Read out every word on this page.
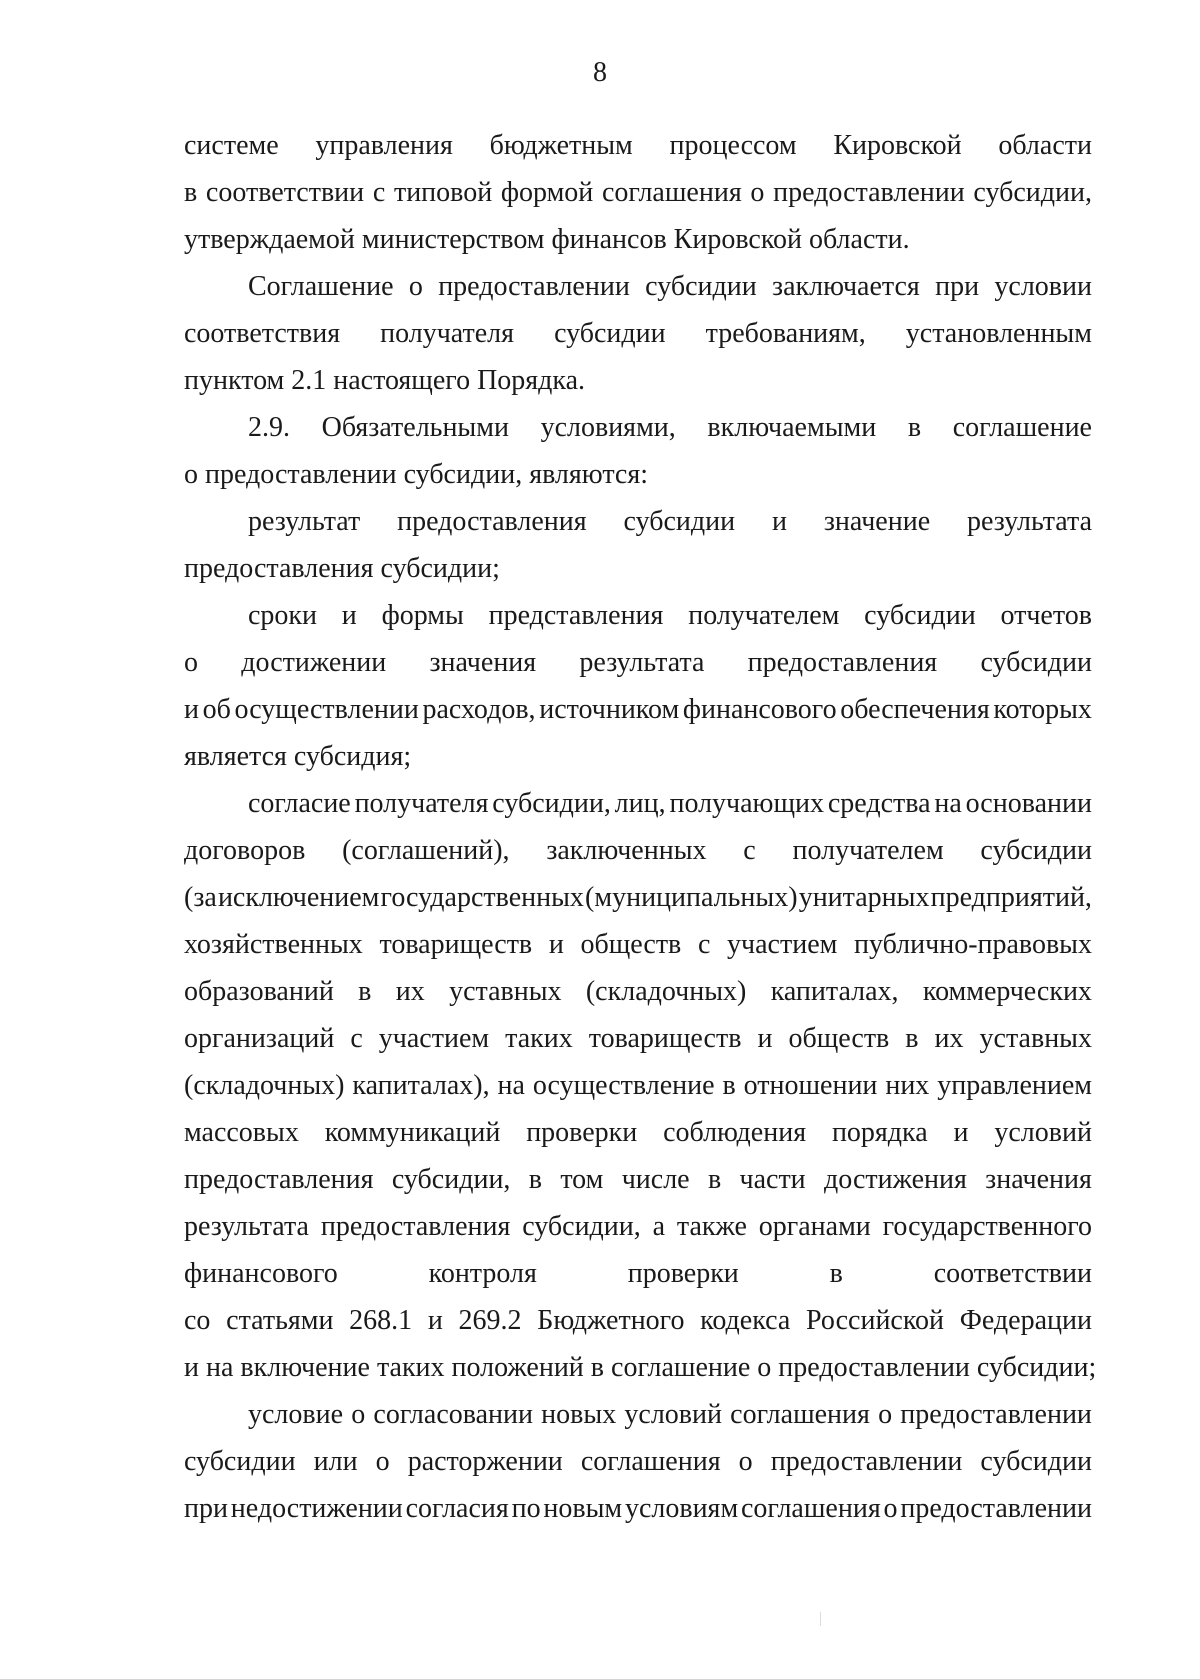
8

системе управления бюджетным процессом Кировской области
в соответствии с типовой формой соглашения о предоставлении субсидии,
утверждаемой министерством финансов Кировской области.

Соглашение о предоставлении субсидии заключается при условии
соответствия получателя субсидии требованиям, установленным
пунктом 2.1 настоящего Порядка.

2.9. Обязательными условиями, включаемыми в соглашение
о предоставлении субсидии, являются:

результат предоставления субсидии и значение результата
предоставления субсидии;

сроки и формы представления получателем субсидии отчетов
о достижении значения результата предоставления субсидии
и об осуществлении расходов, источником финансового обеспечения которых
является субсидия;

согласие получателя субсидии, лиц, получающих средства на основании
договоров (соглашений), заключенных с получателем субсидии
(за исключением государственных (муниципальных) унитарных предприятий,
хозяйственных товариществ и обществ с участием публично-правовых
образований в их уставных (складочных) капиталах, коммерческих
организаций с участием таких товариществ и обществ в их уставных
(складочных) капиталах), на осуществление в отношении них управлением
массовых коммуникаций проверки соблюдения порядка и условий
предоставления субсидии, в том числе в части достижения значения
результата предоставления субсидии, а также органами государственного
финансового	контроля	проверки	в	соответствии
со статьями 268.1 и 269.2 Бюджетного кодекса Российской Федерации
и на включение таких положений в соглашение о предоставлении субсидии;

условие о согласовании новых условий соглашения о предоставлении
субсидии или о расторжении соглашения о предоставлении субсидии
при недостижении согласия по новым условиям соглашения о предоставлении
